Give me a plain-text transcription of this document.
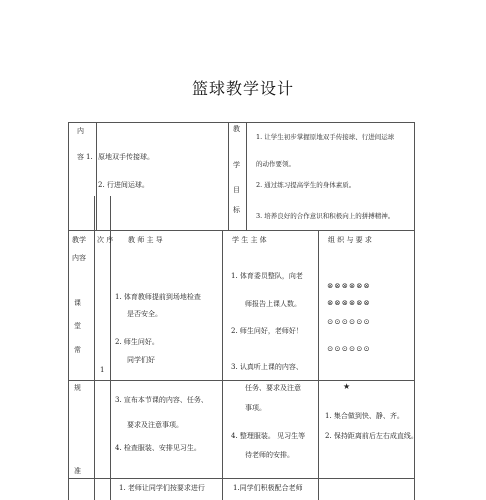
篮球教学设计
内
容 1. 原地双手传接球。
2. 行进间运球。
教
学
目
标
1. 让学生初步掌握原地双手传接球、行进间运球
的动作要领。
2. 通过练习提高学生的身体素质。
3. 培养良好的合作意识和积极向上的拼搏精神。
教学
内容
次 序 教 师 主 导	学 生 主 体	组 织 与 要 求
课
堂
常
规
准
1
1. 体育教师提前到场地检查
是否安全。
2. 师生问好。
同学们好
3. 宣布本节课的内容、任务、
要求及注意事项。
4. 检查服装、安排见习生。
1. 老师让同学们按要求进行
1. 体育委员整队，向老
师报告上课人数。
2. 师生问好，老师好！
3. 认真听上课的内容、
任务、要求及注意
事项。
4. 整理服装。 见习生等
待老师的安排。
1.同学们积极配合老师
⊗⊗⊗⊗⊗⊗
⊗⊗⊗⊗⊗⊗
⊙⊙⊙⊙⊙⊙
⊙⊙⊙⊙⊙⊙
★
1. 集合做到快、静、齐。
2. 保持距离前后左右成直线。
